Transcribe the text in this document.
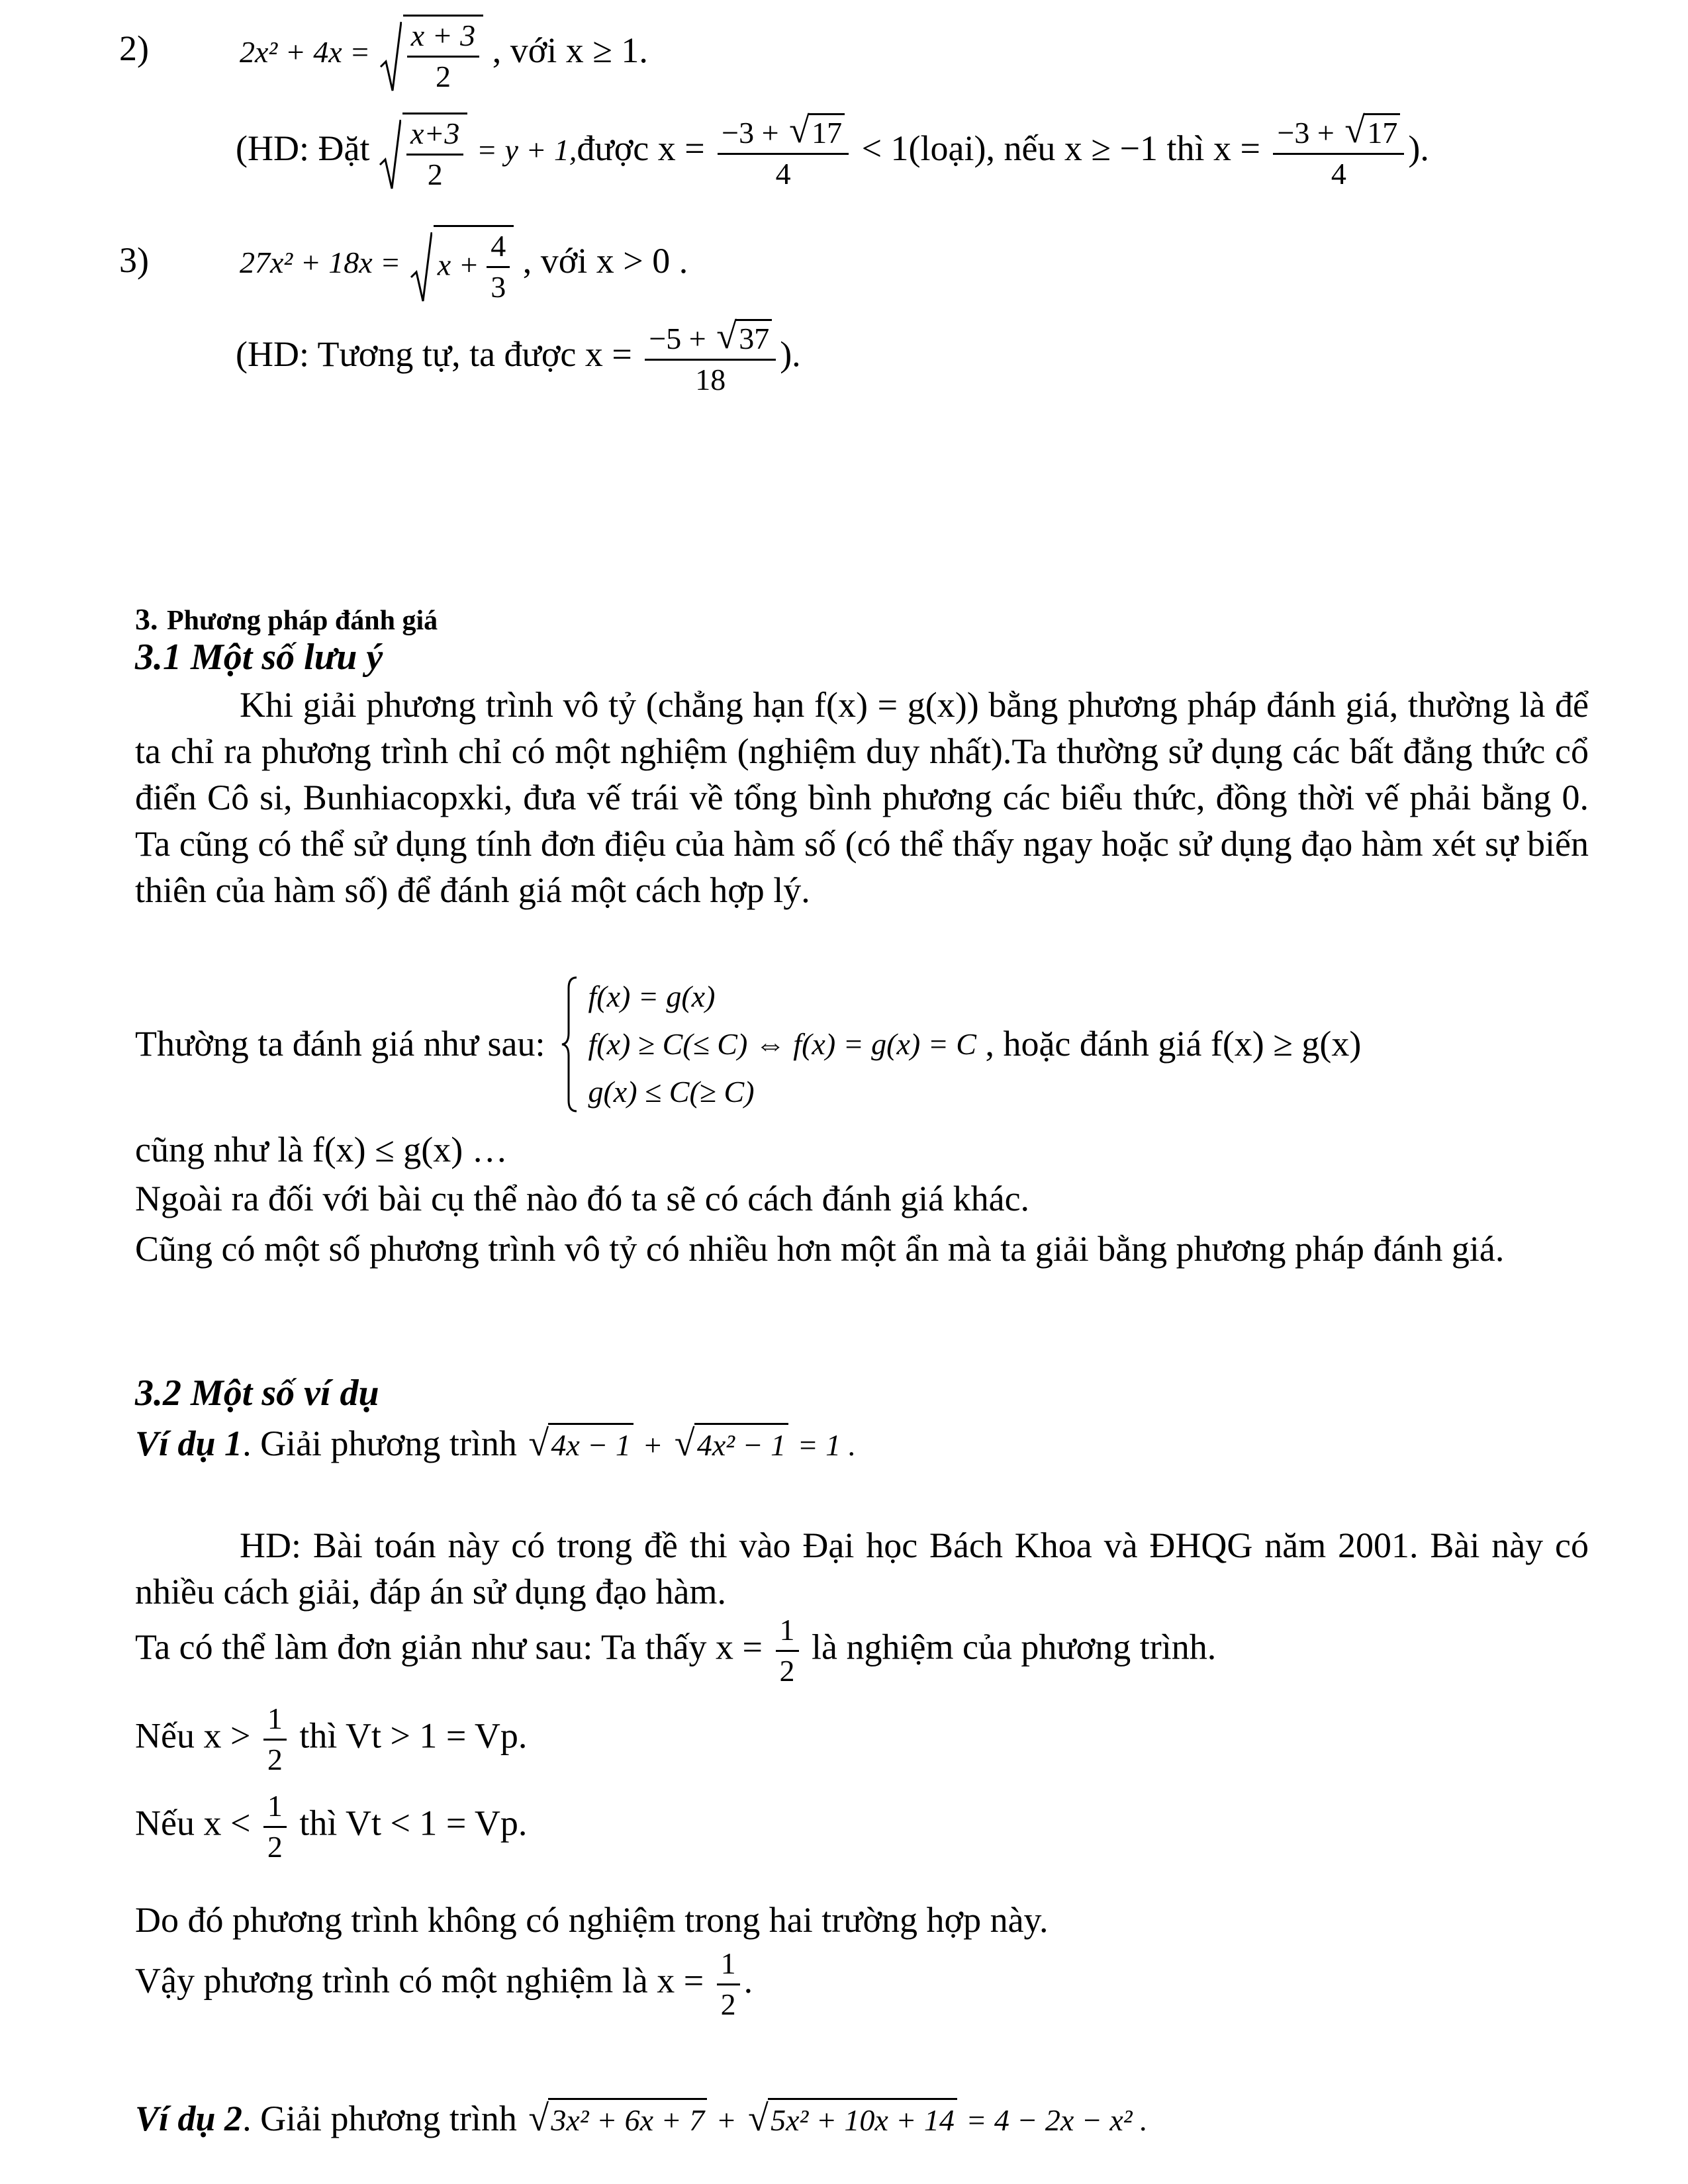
2)	$2x^2 + 4x = \frac{x + 3}{2}$ , với x ≥ 1.
(HD: Đặt $\frac{x+3}{2} = y$ + 1,được $x = \frac{-3 + √ 17}{4}$ < 1(loại), nếu x ≥ −1 thì $x = \frac{-3 + √ 17}{4}$ ).
3)	$27x^2 + 18x = x + \frac{4}{3}$ , với x > 0 .
(HD: Tương tự, ta được $x = \frac{-5 + √ 37}{18}$ ).
3. Phương pháp đánh giá
3.1 Một số lưu ý
Khi giải phương trình vô tỷ (chẳng hạn f(x) = g(x)) bằng phương pháp đánh giá, thường là để ta chỉ ra phương trình chỉ có một nghiệm (nghiệm duy nhất).Ta thường sử dụng các bất đẳng thức cổ điển Cô si, Bunhiacopxki, đưa vế trái về tổng bình phương các biểu thức, đồng thời vế phải bằng 0. Ta cũng có thể sử dụng tính đơn điệu của hàm số (có thể thấy ngay hoặc sử dụng đạo hàm xét sự biến thiên của hàm số) để đánh giá một cách hợp lý.
Thường ta đánh giá như sau:
f(x) = g(x)
f(x) ≥ C(≤ C) ⇔ f(x) = g(x) = C
g(x) ≤ C(≥ C)
, hoặc đánh giá f(x) ≥ g(x)
cũng như là f(x) ≤ g(x) …
Ngoài ra đối với bài cụ thể nào đó ta sẽ có cách đánh giá khác.
Cũng có một số phương trình vô tỷ có nhiều hơn một ẩn mà ta giải bằng phương pháp đánh giá.
3.2 Một số ví dụ
Ví dụ 1. Giải phương trình √ 4x − 1 + √ 4x² − 1 = 1 .
HD: Bài toán này có trong đề thi vào Đại học Bách Khoa và ĐHQG năm 2001. Bài này có nhiều cách giải, đáp án sử dụng đạo hàm.
Ta có thể làm đơn giản như sau: Ta thấy $x = \frac{1}{2}$ là nghiệm của phương trình.
Nếu $x > \frac{1}{2}$ thì Vt > 1 = Vp.
Nếu $x < \frac{1}{2}$ thì Vt < 1 = Vp.
Do đó phương trình không có nghiệm trong hai trường hợp này.
Vậy phương trình có một nghiệm là $x = \frac{1}{2}$ .
Ví dụ 2. Giải phương trình √ 3x² + 6x + 7 + √ 5x² + 10x + 14 = 4 − 2x − x² .
